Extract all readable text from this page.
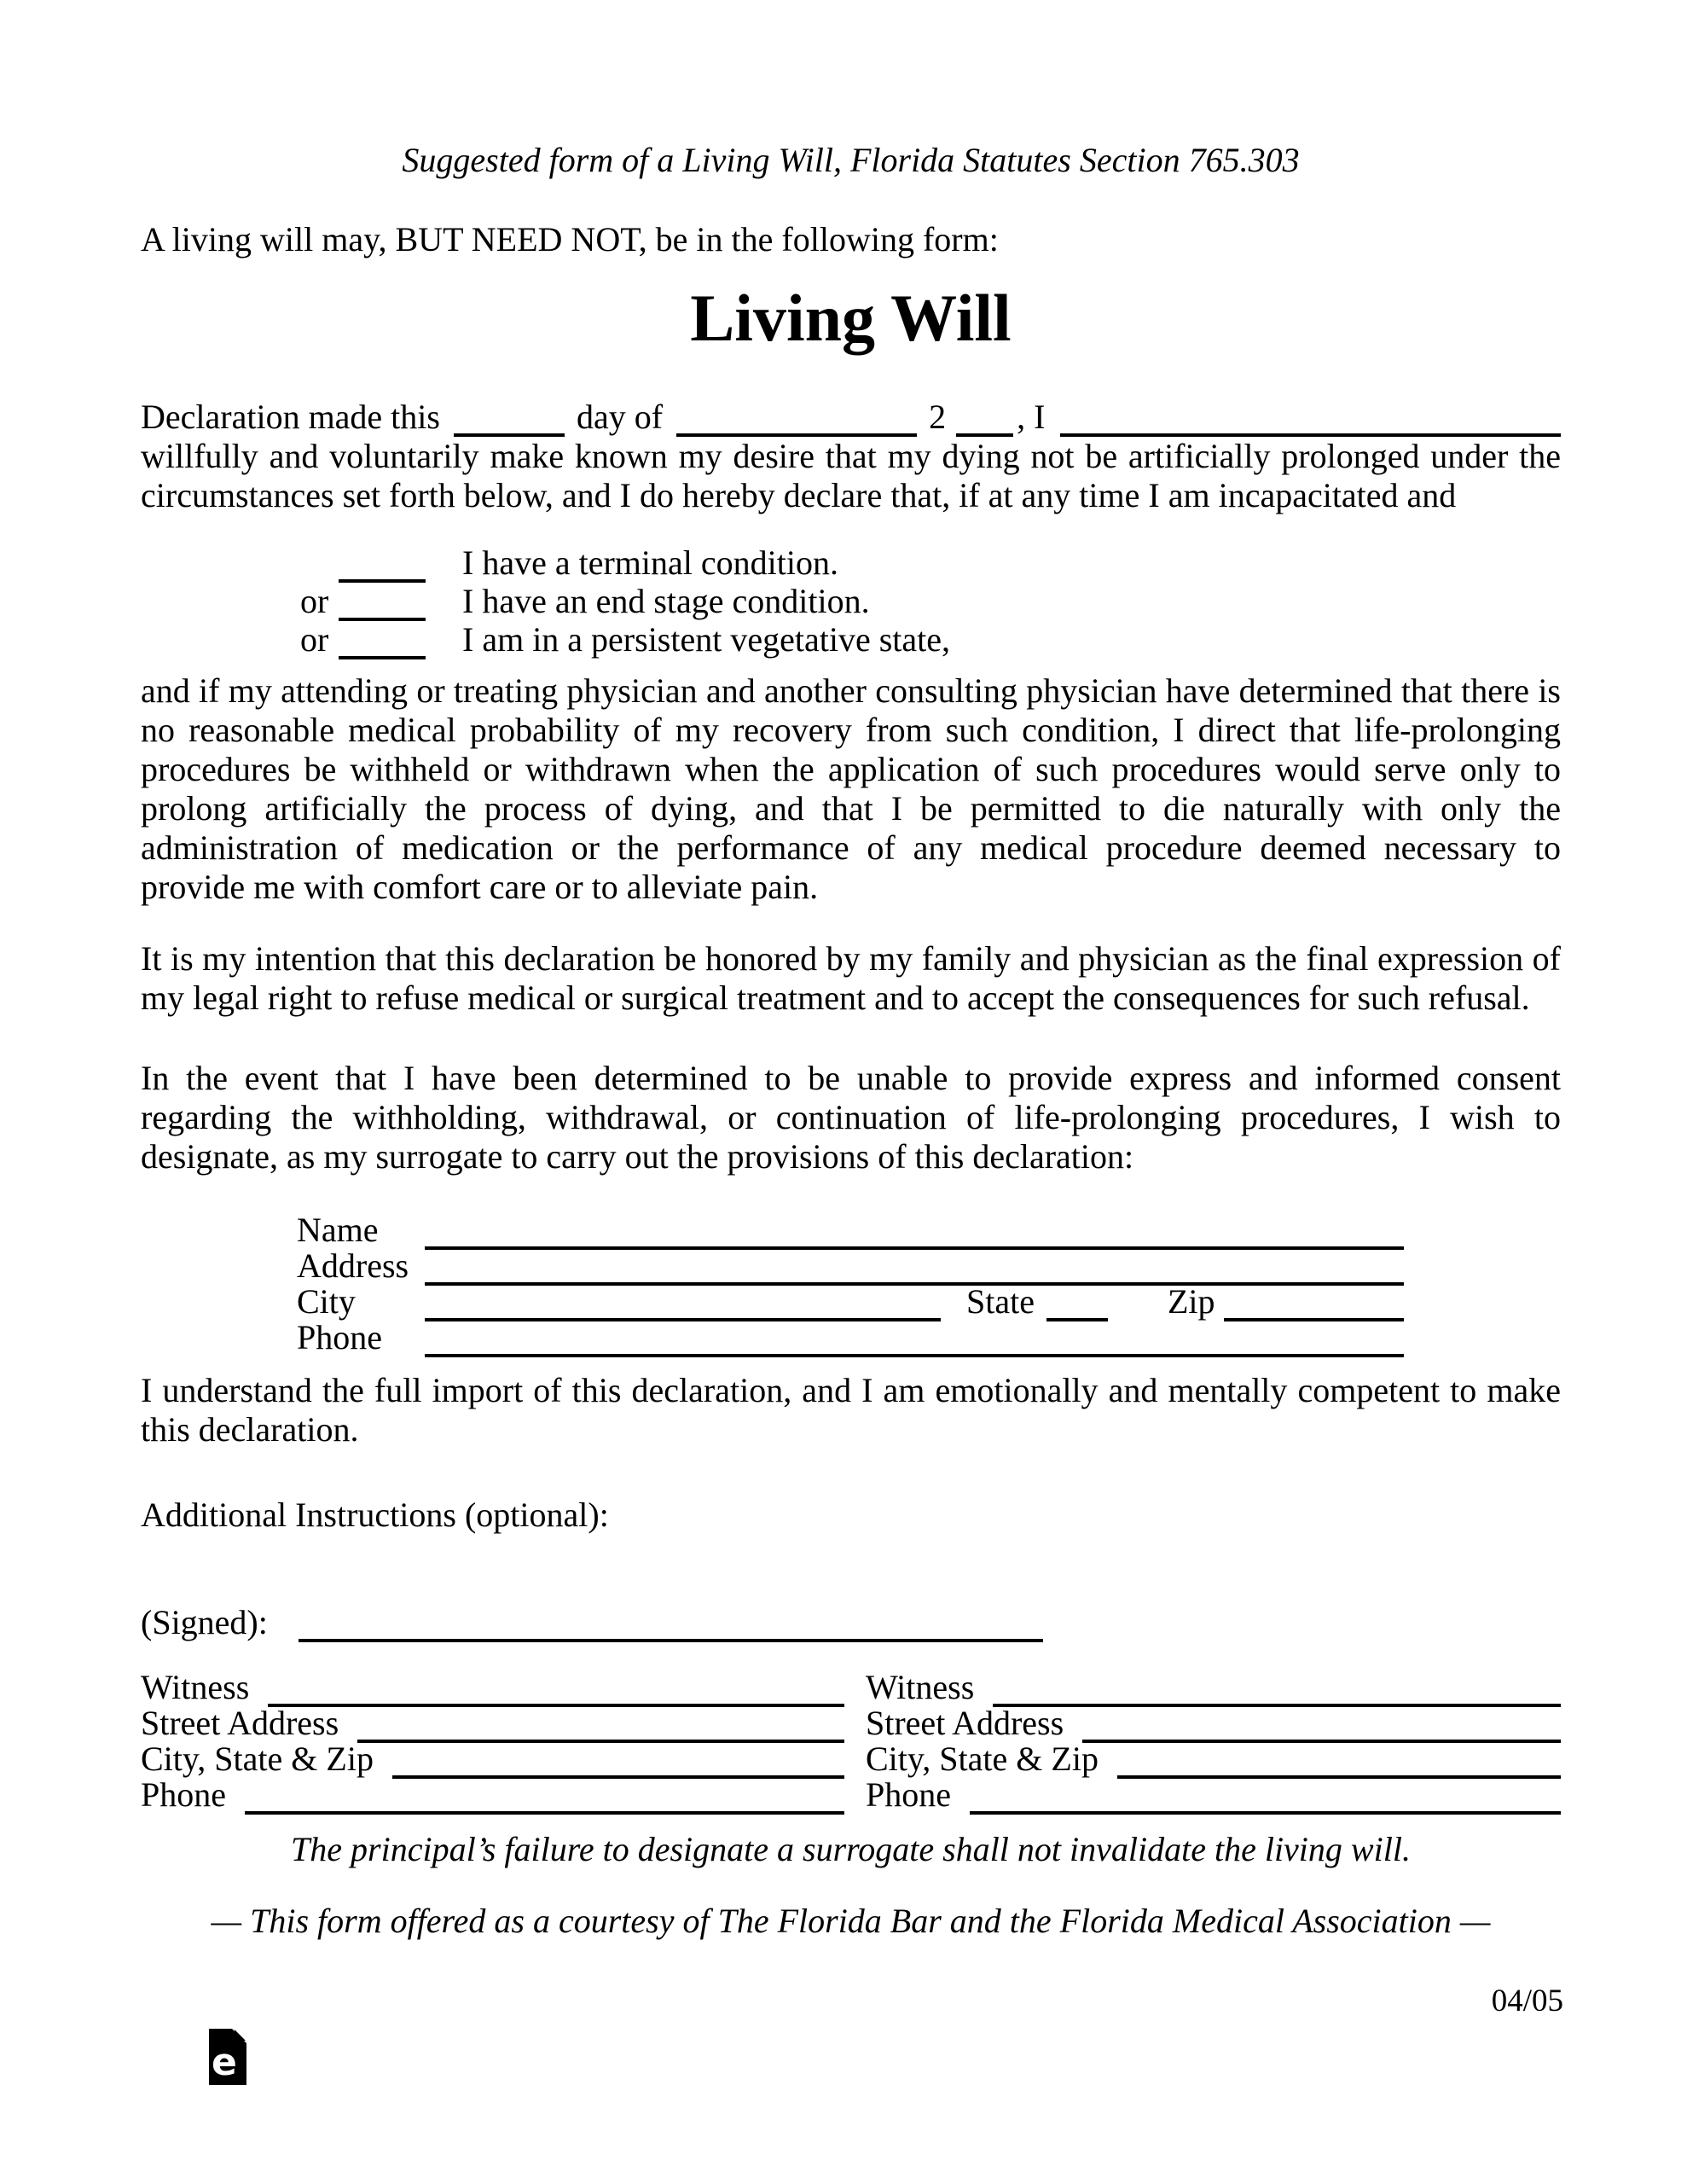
Suggested form of a Living Will, Florida Statutes Section 765.303
A living will may, BUT NEED NOT, be in the following form:
Living Will
Declaration made this	day of	2 , I
willfully and voluntarily make known my desire that my dying not be artificially prolonged under the circumstances set forth below, and I do hereby declare that, if at any time I am incapacitated and
I have a terminal condition.
or	I have an end stage condition.
or	I am in a persistent vegetative state,
and if my attending or treating physician and another consulting physician have determined that there is no reasonable medical probability of my recovery from such condition, I direct that life-prolonging procedures be withheld or withdrawn when the application of such procedures would serve only to prolong artificially the process of dying, and that I be permitted to die naturally with only the administration of medication or the performance of any medical procedure deemed necessary to provide me with comfort care or to alleviate pain.
It is my intention that this declaration be honored by my family and physician as the final expression of my legal right to refuse medical or surgical treatment and to accept the consequences for such refusal.
In the event that I have been determined to be unable to provide express and informed consent regarding the withholding, withdrawal, or continuation of life-prolonging procedures, I wish to designate, as my surrogate to carry out the provisions of this declaration:
Name
Address
City	State	Zip
Phone
I understand the full import of this declaration, and I am emotionally and mentally competent to make this declaration.
Additional Instructions (optional):
(Signed):
Witness
Street Address
City, State & Zip
Phone
Witness
Street Address
City, State & Zip
Phone
The principal’s failure to designate a surrogate shall not invalidate the living will.
— This form offered as a courtesy of The Florida Bar and the Florida Medical Association —
04/05
e
